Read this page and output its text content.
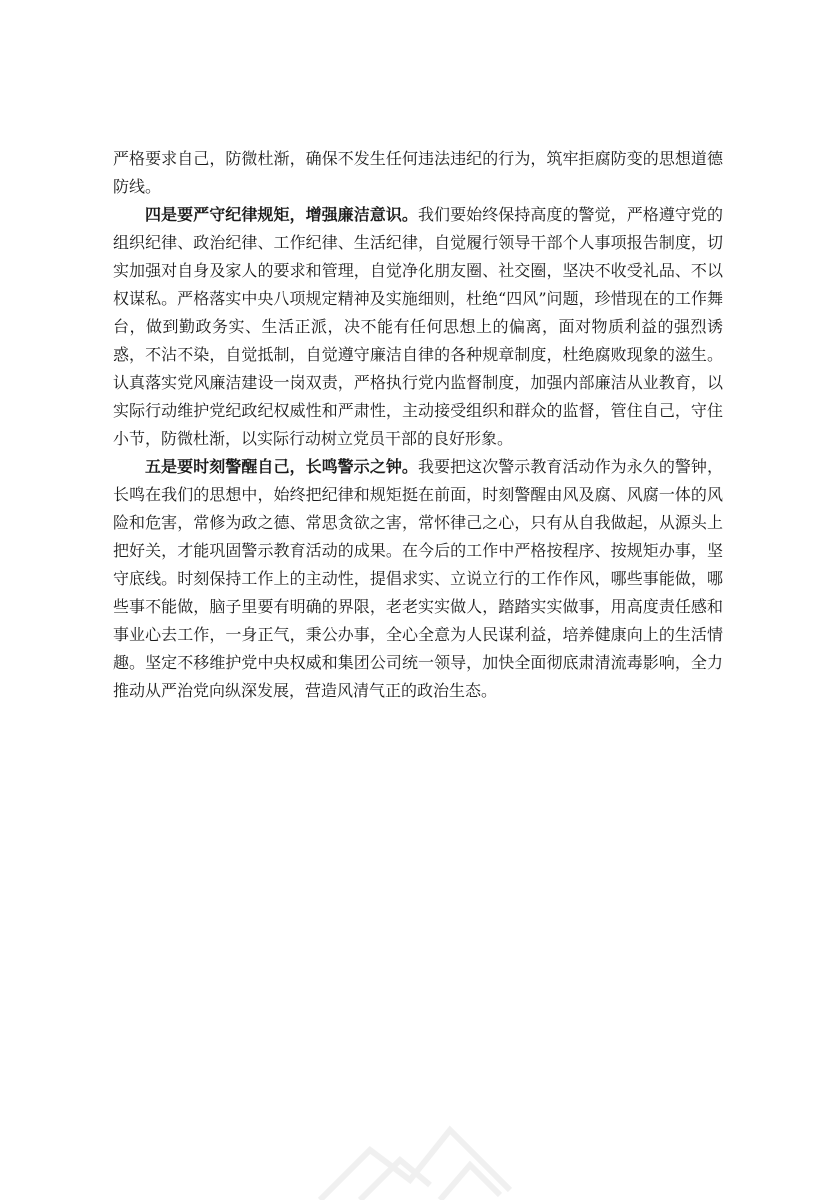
严格要求自己，防微杜渐，确保不发生任何违法违纪的行为，筑牢拒腐防变的思想道德防线。

四是要严守纪律规矩，增强廉洁意识。我们要始终保持高度的警觉，严格遵守党的组织纪律、政治纪律、工作纪律、生活纪律，自觉履行领导干部个人事项报告制度，切实加强对自身及家人的要求和管理，自觉净化朋友圈、社交圈，坚决不收受礼品、不以权谋私。严格落实中央八项规定精神及实施细则，杜绝“四风”问题，珍惜现在的工作舞台，做到勤政务实、生活正派，决不能有任何思想上的偏离，面对物质利益的强烈诱惑，不沾不染，自觉抵制，自觉遵守廉洁自律的各种规章制度，杜绝腐败现象的滋生。认真落实党风廉洁建设一岗双责，严格执行党内监督制度，加强内部廉洁从业教育，以实际行动维护党纪政纪权威性和严肃性，主动接受组织和群众的监督，管住自己，守住小节，防微杜渐，以实际行动树立党员干部的良好形象。

五是要时刻警醒自己，长鸣警示之钟。我要把这次警示教育活动作为永久的警钟，长鸣在我们的思想中，始终把纪律和规矩挺在前面，时刻警醒由风及腐、风腐一体的风险和危害，常修为政之德、常思贪欲之害，常怀律己之心，只有从自我做起，从源头上把好关，才能巩固警示教育活动的成果。在今后的工作中严格按程序、按规矩办事，坚守底线。时刻保持工作上的主动性，提倡求实、立说立行的工作作风，哪些事能做，哪些事不能做，脑子里要有明确的界限，老老实实做人，踏踏实实做事，用高度责任感和事业心去工作，一身正气，秉公办事，全心全意为人民谋利益，培养健康向上的生活情趣。坚定不移维护党中央权威和集团公司统一领导，加快全面彻底肃清流毒影响，全力推动从严治党向纵深发展，营造风清气正的政治生态。
